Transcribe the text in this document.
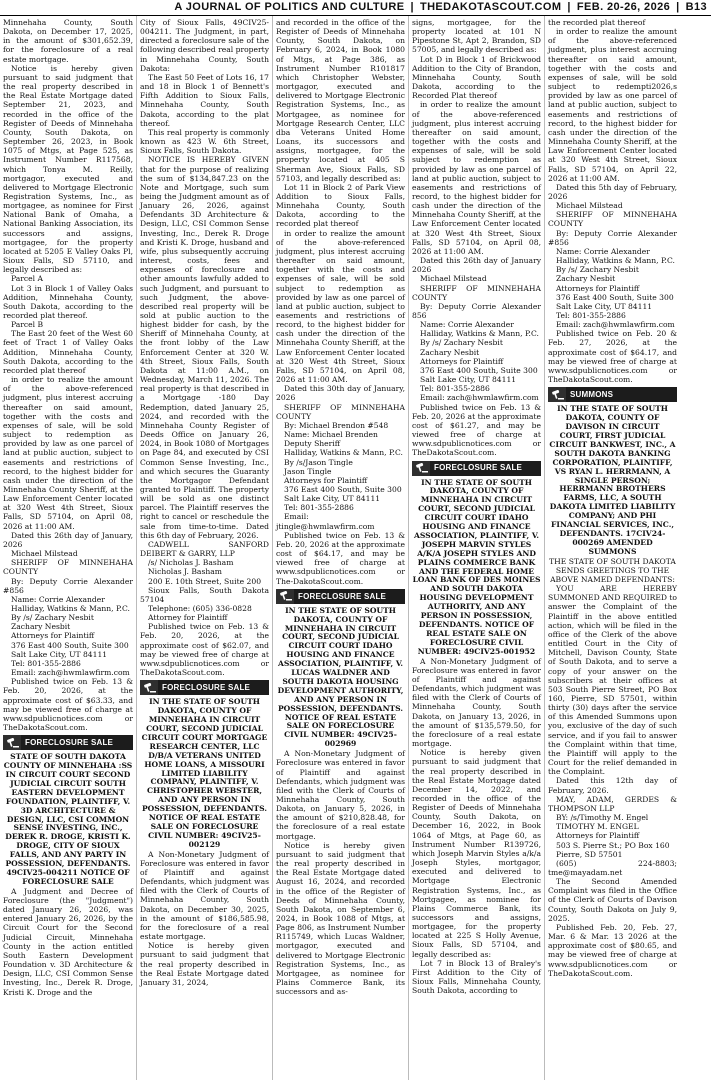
A JOURNAL OF POLITICS AND CULTURE | THEDAKOTASCOUT.COM | FEB. 20-26, 2026 | B13

Minnehaha County, South Dakota, on December 17, 2025, in the amount of $301,652.39, for the foreclosure of a real estate mortgage.

Notice is hereby given pursuant to said judgment that the real property described in the Real Estate Mortgage dated September 21, 2023, and recorded in the office of the Register of Deeds of Minnehaha County, South Dakota, on September 26, 2023, in Book 1075 of Mtgs, at Page 525, as Instrument Number R117568, which Tonya M. Reilly, mortgagor, executed and delivered to Mortgage Electronic Registration Systems, Inc., as mortgagee, as nominee for First National Bank of Omaha, a National Banking Association, its successors and assigns, mortgagee, for the property located at 5205 E Valley Oaks Pl, Sioux Falls, SD 57110, and legally described as:

Parcel A

Lot 3 in Block 1 of Valley Oaks Addition, Minnehaha County, South Dakota, according to the recorded plat thereof.

Parcel B

The East 20 feet of the West 60 feet of Tract 1 of Valley Oaks Addition, Minnehaha County, South Dakota, according to the recorded plat thereof

in order to realize the amount of the above-referenced judgment, plus interest accruing thereafter on said amount, together with the costs and expenses of sale, will be sold subject to redemption as provided by law as one parcel of land at public auction, subject to easements and restrictions of record, to the highest bidder for cash under the direction of the Minnehaha County Sheriff, at the Law Enforcement Center located at 320 West 4th Street, Sioux Falls, SD 57104, on April 08, 2026 at 11:00 AM.

Dated this 26th day of January, 2026

Michael Milstead

SHERIFF OF MINNEHAHA COUNTY

By: Deputy Corrie Alexander #856

Name: Corrie Alexander

Halliday, Watkins & Mann, P.C.

By /s/ Zachary Nesbit

Zachary Nesbit

Attorneys for Plaintiff

376 East 400 South, Suite 300

Salt Lake City, UT 84111

Tel: 801-355-2886

Email: zach@hwmlawfirm.com

Published twice on Feb. 13 & Feb. 20, 2026, at the approximate cost of $63.33, and may be viewed free of charge at www.sdpublicnotices.com or TheDakotaScout.com.

FORECLOSURE SALE

STATE OF SOUTH DAKOTA COUNTY OF MINNEHAHA :SS IN CIRCUIT COURT SECOND JUDICIAL CIRCUIT SOUTH EASTERN DEVELOPMENT FOUNDATION, PLAINTIFF, V. 3D ARCHITECTURE & DESIGN, LLC, CSI COMMON SENSE INVESTING, INC., DEREK R. DROGE, KRISTI K. DROGE, CITY OF SIOUX FALLS, AND ANY PARTY IN POSSESSION, DEFENDANTS. 49CIV25-004211 NOTICE OF FORECLOSURE SALE

A Judgment and Decree of Foreclosure (the "Judgment") dated January 26, 2026, was entered January 26, 2026, by the Circuit Court for the Second Judicial Circuit, Minnehaha County in the action entitled South Eastern Development Foundation v. 3D Architecture & Design, LLC, CSI Common Sense Investing, Inc., Derek R. Droge, Kristi K. Droge and the

City of Sioux Falls, 49CIV25-004211. The Judgment, in part, directed a foreclosure sale of the following described real property in Minnehaha County, South Dakota:

The East 50 Feet of Lots 16, 17 and 18 in Block 1 of Bennett's Fifth Addition to Sioux Falls, Minnehaha County, South Dakota, according to the plat thereof.

This real property is commonly known as 423 W. 6th Street, Sioux Falls, South Dakota.

NOTICE IS HEREBY GIVEN that for the purpose of realizing the sum of $134,847.23 on the Note and Mortgage, such sum being the Judgment amount as of January 26, 2026, against Defendants 3D Architecture & Design, LLC, CSI Common Sense Investing, Inc., Derek R. Droge and Kristi K. Droge, husband and wife, plus subsequently accruing interest, costs, fees and expenses of foreclosure and other amounts lawfully added to such Judgment, and pursuant to such Judgment, the above-described real property will be sold at public auction to the highest bidder for cash, by the Sheriff of Minnehaha County, at the front lobby of the Law Enforcement Center at 320 W. 4th Street, Sioux Falls, South Dakota at 11:00 A.M., on Wednesday, March 11, 2026. The real property is that described in a Mortgage -180 Day Redemption, dated January 25, 2024, and recorded with the Minnehaha County Register of Deeds Office on January 26, 2024, in Book 1080 of Mortgages on Page 84, and executed by CSI Common Sense Investing, Inc., and which secures the Guaranty the Mortgagor Defendant granted to Plaintiff. The property will be sold as one distinct parcel. The Plaintiff reserves the right to cancel or reschedule the sale from time-to-time. Dated this 6th day of February, 2026.

CADWELL SANFORD DEIBERT & GARRY, LLP

/s/ Nicholas J. Basham

Nicholas J. Basham

200 E. 10th Street, Suite 200

Sioux Falls, South Dakota 57104

Telephone: (605) 336-0828

Attorney for Plaintiff

Published twice on Feb. 13 & Feb. 20, 2026, at the approximate cost of $62.07, and may be viewed free of charge at www.sdpublicnotices.com or TheDakotaScout.com.

FORECLOSURE SALE

IN THE STATE OF SOUTH DAKOTA, COUNTY OF MINNEHAHA IN CIRCUIT COURT, SECOND JUDICIAL CIRCUIT COURT MORTGAGE RESEARCH CENTER, LLC D/B/A VETERANS UNITED HOME LOANS, A MISSOURI LIMITED LIABILITY COMPANY, PLAINTIFF, V. CHRISTOPHER WEBSTER, AND ANY PERSON IN POSSESSION, DEFENDANTS. NOTICE OF REAL ESTATE SALE ON FORECLOSURE CIVIL NUMBER: 49CIV25-002129

A Non-Monetary Judgment of Foreclosure was entered in favor of Plaintiff and against Defendants, which judgment was filed with the Clerk of Courts of Minnehaha County, South Dakota, on December 30, 2025, in the amount of $186,585.98, for the foreclosure of a real estate mortgage.

Notice is hereby given pursuant to said judgment that the real property described in the Real Estate Mortgage dated January 31, 2024,

and recorded in the office of the Register of Deeds of Minnehaha County, South Dakota, on February 6, 2024, in Book 1080 of Mtgs, at Page 386, as Instrument Number R101817 which Christopher Webster, mortgagor, executed and delivered to Mortgage Electronic Registration Systems, Inc., as Mortgagee, as nominee for Mortgage Research Center, LLC dba Veterans United Home Loans, its successors and assigns, mortgagee, for the property located at 405 S Sherman Ave, Sioux Falls, SD 57103, and legally described as:

Lot 11 in Block 2 of Park View Addition to Sioux Falls, Minnehaha County, South Dakota, according to the recorded plat thereof

in order to realize the amount of the above-referenced judgment, plus interest accruing thereafter on said amount, together with the costs and expenses of sale, will be sold subject to redemption as provided by law as one parcel of land at public auction, subject to easements and restrictions of record, to the highest bidder for cash under the direction of the Minnehaha County Sheriff, at the Law Enforcement Center located at 320 West 4th Street, Sioux Falls, SD 57104, on April 08, 2026 at 11:00 AM.

Dated this 30th day of January, 2026

SHERIFF OF MINNEHAHA COUNTY

By: Michael Brendon #548

Name: Michael Brenden

Deputy Sheriff

Halliday, Watkins & Mann, P.C.

By /s/Jason Tingle

Jason Tingle

Attorneys for Plaintiff

376 East 400 South, Suite 300

Salt Lake City, UT 84111

Tel: 801-355-2886

Email: jtingle@hwmlawfirm.com

Published twice on Feb. 13 & Feb. 20, 2026 at the approximate cost of $64.17, and may be viewed free of charge at www.sdpublicnotices.com or The-DakotaScout.com.

FORECLOSURE SALE

IN THE STATE OF SOUTH DAKOTA, COUNTY OF MINNEHAHA IN CIRCUIT COURT, SECOND JUDICIAL CIRCUIT COURT IDAHO HOUSING AND FINANCE ASSOCIATION, PLAINTIFF, V. LUCAS WALDNER AND SOUTH DAKOTA HOUSING DEVELOPMENT AUTHORITY, AND ANY PERSON IN POSSESSION, DEFENDANTS. NOTICE OF REAL ESTATE SALE ON FORECLOSURE CIVIL NUMBER: 49CIV25-002969

A Non-Monetary Judgment of Foreclosure was entered in favor of Plaintiff and against Defendants, which judgment was filed with the Clerk of Courts of Minnehaha County, South Dakota, on January 5, 2026, in the amount of $210,828.48, for the foreclosure of a real estate mortgage.

Notice is hereby given pursuant to said judgment that the real property described in the Real Estate Mortgage dated August 16, 2024, and recorded in the office of the Register of Deeds of Minnehaha County, South Dakota, on September 6, 2024, in Book 1088 of Mtgs, at Page 806, as Instrument Number R115749, which Lucas Waldner, mortgagor, executed and delivered to Mortgage Electronic Registration Systems, Inc., as Mortgagee, as nominee for Plains Commerce Bank, its successors and as-

signs, mortgagee, for the property located at 101 N Pipestone St, Apt 2, Brandon, SD 57005, and legally described as:

Lot D in Block 1 of Brickwood Addition to the City of Brandon, Minnehaha County, South Dakota, according to the Recorded Plat thereof

in order to realize the amount of the above-referenced judgment, plus interest accruing thereafter on said amount, together with the costs and expenses of sale, will be sold subject to redemption as provided by law as one parcel of land at public auction, subject to easements and restrictions of record, to the highest bidder for cash under the direction of the Minnehaha County Sheriff, at the Law Enforcement Center located at 320 West 4th Street, Sioux Falls, SD 57104, on April 08, 2026 at 11:00 AM.

Dated this 26th day of January 2026

Michael Milstead

SHERIFF OF MINNEHAHA COUNTY

By: Deputy Corrie Alexander 856

Name: Corrie Alexander

Halliday, Watkins & Mann, P.C.

By /s/ Zachary Nesbit

Zachary Nesbit

Attorneys for Plaintiff

376 East 400 South, Suite 300

Salt Lake City, UT 84111

Tel: 801-355-2886

Email: zach@hwmlawfirm.com

Published twice on Feb. 13 & Feb. 20, 2026 at the approximate cost of $61.27, and may be viewed free of charge at www.sdpublicnotices.com or TheDakotaScout.com.

FORECLOSURE SALE

IN THE STATE OF SOUTH DAKOTA, COUNTY OF MINNEHAHA IN CIRCUIT COURT, SECOND JUDICIAL CIRCUIT COURT IDAHO HOUSING AND FINANCE ASSOCIATION, PLAINTIFF, V. JOSEPH MARVIN STYLES A/K/A JOSEPH STYLES AND PLAINS COMMERCE BANK AND THE FEDERAL HOME LOAN BANK OF DES MOINES AND SOUTH DAKOTA HOUSING DEVELOPMENT AUTHORITY, AND ANY PERSON IN POSSESSION, DEFENDANTS. NOTICE OF REAL ESTATE SALE ON FORECLOSURE CIVIL NUMBER: 49CIV25-001952

A Non-Monetary Judgment of Foreclosure was entered in favor of Plaintiff and against Defendants, which judgment was filed with the Clerk of Courts of Minnehaha County, South Dakota, on January 13, 2026, in the amount of $135,579.50, for the foreclosure of a real estate mortgage.

Notice is hereby given pursuant to said judgment that the real property described in the Real Estate Mortgage dated December 14, 2022, and recorded in the office of the Register of Deeds of Minnehaha County, South Dakota, on December 16, 2022, in Book 1064 of Mtgs, at Page 60, as Instrument Number R139726, which Joseph Marvin Styles a/k/a Joseph Styles, mortgagor, executed and delivered to Mortgage Electronic Registration Systems, Inc., as Mortgagee, as nominee for Plains Commerce Bank, its successors and assigns, mortgagee, for the property located at 225 S Holly Avenue, Sioux Falls, SD 57104, and legally described as:

Lot 7 in Block 13 of Braley's First Addition to the City of Sioux Falls, Minnehaha County, South Dakota, according to

the recorded plat thereof

in order to realize the amount of the above-referenced judgment, plus interest accruing thereafter on said amount, together with the costs and expenses of sale, will be sold subject to redempti2026,s provided by law as one parcel of land at public auction, subject to easements and restrictions of record, to the highest bidder for cash under the direction of the Minnehaha County Sheriff, at the Law Enforcement Center located at 320 West 4th Street, Sioux Falls, SD 57104, on April 22, 2026 at 11:00 AM.

Dated this 5th day of February, 2026

Michael Milstead

SHERIFF OF MINNEHAHA COUNTY

By: Deputy Corrie Alexander #856

Name: Corrie Alexander

Halliday, Watkins & Mann, P.C.

By /s/ Zachary Nesbit

Zachary Nesbit

Attorneys for Plaintiff

376 East 400 South, Suite 300

Salt Lake City, UT 84111

Tel: 801-355-2886

Email: zach@hwmlawfirm.com

Published twice on Feb. 20 & Feb. 27, 2026, at the approximate cost of $64.17, and may be viewed free of charge at www.sdpublicnotices.com or TheDakotaScout.com.

SUMMONS

IN THE STATE OF SOUTH DAKOTA, COUNTY OF DAVISON IN CIRCUIT COURT, FIRST JUDICIAL CIRCUIT BANKWEST, INC., A SOUTH DAKOTA BANKING CORPORATION, PLAINTIFF, VS RYAN L. HERRMANN, A SINGLE PERSON; HERRMANN BROTHERS FARMS, LLC, A SOUTH DAKOTA LIMITED LIABILITY COMPANY; AND PHI FINANCIAL SERVICES, INC., DEFENDANTS. 17CIV24-000269 AMENDED SUMMONS

THE STATE OF SOUTH DAKOTA SENDS GREETINGS TO THE ABOVE NAMED DEFENDANTS:

YOU ARE HEREBY SUMMONED AND REQUIRED to answer the Complaint of the Plaintiff in the above entitled action, which will be filed in the office of the Clerk of the above entitled Court in the City of Mitchell, Davison County, State of South Dakota, and to serve a copy of your answer on the subscribers at their offices at 503 South Pierre Street, PO Box 160, Pierre, SD 57501, within thirty (30) days after the service of this Amended Summons upon you, exclusive of the day of such service, and if you fail to answer the Complaint within that time, the Plaintiff will apply to the Court for the relief demanded in the Complaint.

Dated this 12th day of February, 2026.

MAY, ADAM, GERDES & THOMPSON LLP

BY: /s/Timothy M. Engel

TIMOTHY M. ENGEL

Attorneys for Plaintiff

503 S. Pierre St.; PO Box 160

Pierre, SD 57501

(605) 224-8803; tme@mayadam.net

The Second Amended Complaint was filed in the Office of the Clerk of Courts of Davison County, South Dakota on July 9, 2025.

Published Feb. 20, Feb. 27, Mar. 6 & Mar. 13 2026 at the approximate cost of $80.65, and may be viewed free of charge at www.sdpublicnotices.com or TheDakotaScout.com.
